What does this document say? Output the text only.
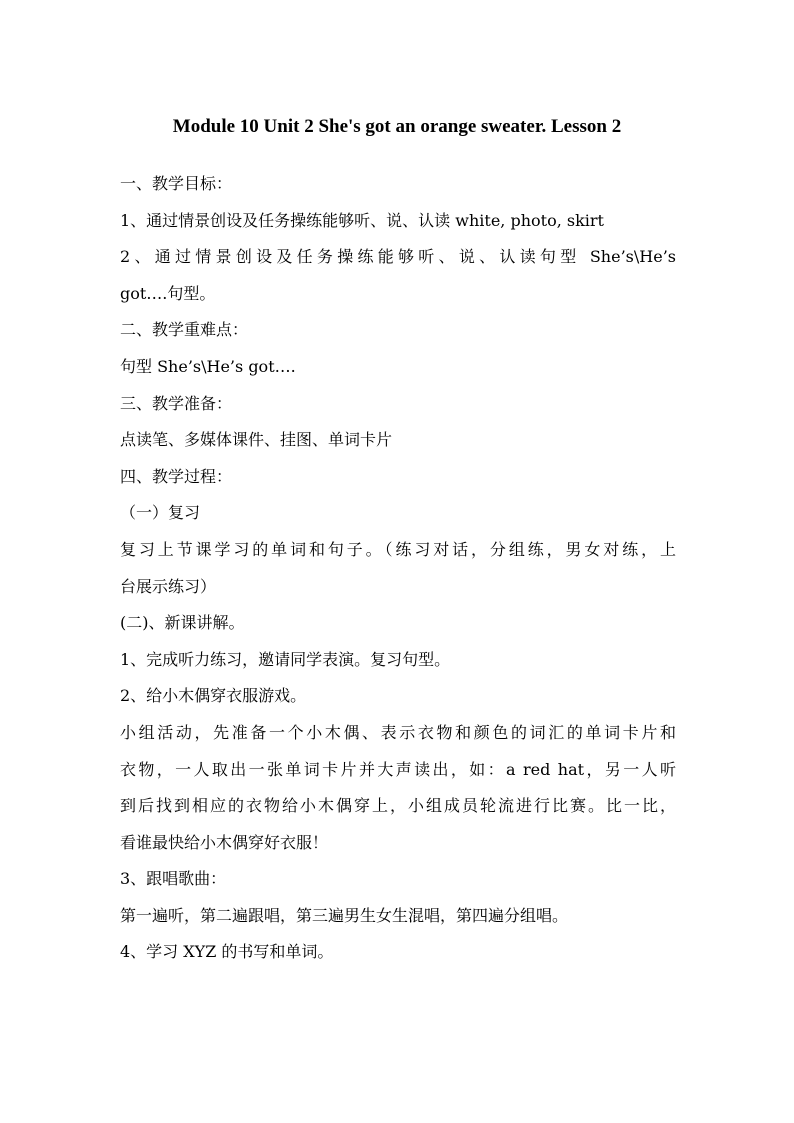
Module 10 Unit 2 She's got an orange sweater. Lesson 2
一、教学目标：
1、通过情景创设及任务操练能够听、说、认读 white, photo, skirt
2、通过情景创设及任务操练能够听、说、认读句型 She’s\He’s
got….句型。
二、教学重难点：
句型 She’s\He’s got….
三、教学准备：
点读笔、多媒体课件、挂图、单词卡片
四、教学过程：
（一）复习
复习上节课学习的单词和句子。（练习对话，分组练，男女对练，上
台展示练习）
(二)、新课讲解。
1、完成听力练习，邀请同学表演。复习句型。
2、给小木偶穿衣服游戏。
小组活动，先准备一个小木偶、表示衣物和颜色的词汇的单词卡片和
衣物，一人取出一张单词卡片并大声读出，如：a red hat，另一人听
到后找到相应的衣物给小木偶穿上，小组成员轮流进行比赛。比一比，
看谁最快给小木偶穿好衣服！
3、跟唱歌曲：
第一遍听，第二遍跟唱，第三遍男生女生混唱，第四遍分组唱。
4、学习 XYZ 的书写和单词。
